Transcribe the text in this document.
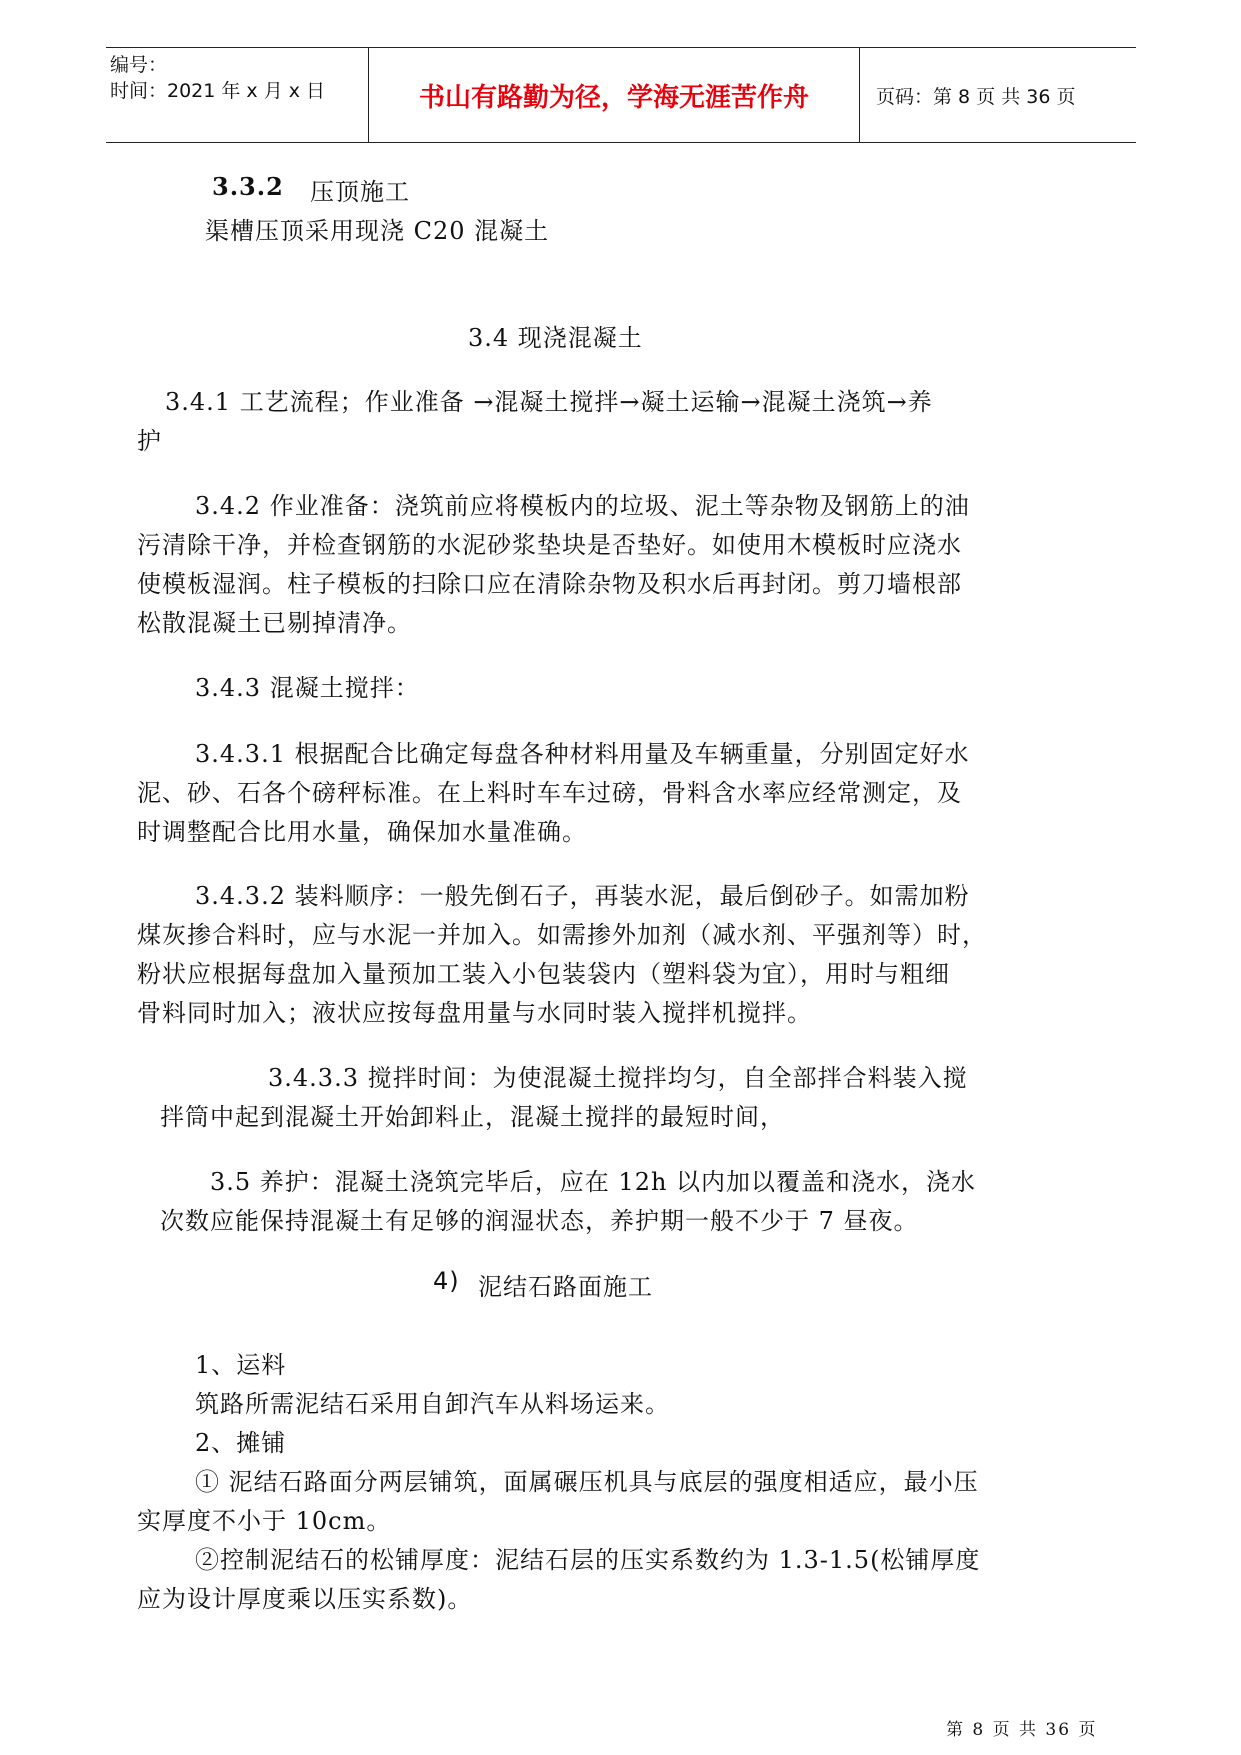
编号：
时间：2021 年 x 月 x 日	书山有路勤为径，学海无涯苦作舟	页码：第 8 页 共 36 页
3.3.2 压顶施工
渠槽压顶采用现浇 C20 混凝土
3.4 现浇混凝土
3.4.1 工艺流程；作业准备 →混凝土搅拌→凝土运输→混凝土浇筑→养
护
3.4.2 作业准备：浇筑前应将模板内的垃圾、泥土等杂物及钢筋上的油
污清除干净，并检查钢筋的水泥砂浆垫块是否垫好。如使用木模板时应浇水
使模板湿润。柱子模板的扫除口应在清除杂物及积水后再封闭。剪刀墙根部
松散混凝土已剔掉清净。
3.4.3 混凝土搅拌：
3.4.3.1 根据配合比确定每盘各种材料用量及车辆重量，分别固定好水
泥、砂、石各个磅秤标准。在上料时车车过磅，骨料含水率应经常测定，及
时调整配合比用水量，确保加水量准确。
3.4.3.2 装料顺序：一般先倒石子，再装水泥，最后倒砂子。如需加粉
煤灰掺合料时，应与水泥一并加入。如需掺外加剂（减水剂、平强剂等）时，
粉状应根据每盘加入量预加工装入小包装袋内（塑料袋为宜），用时与粗细
骨料同时加入；液状应按每盘用量与水同时装入搅拌机搅拌。
3.4.3.3 搅拌时间：为使混凝土搅拌均匀，自全部拌合料装入搅
拌筒中起到混凝土开始卸料止，混凝土搅拌的最短时间，
3.5 养护：混凝土浇筑完毕后，应在 12h 以内加以覆盖和浇水，浇水
次数应能保持混凝土有足够的润湿状态，养护期一般不少于 7 昼夜。
4) 泥结石路面施工
1、运料
筑路所需泥结石采用自卸汽车从料场运来。
2、摊铺
① 泥结石路面分两层铺筑，面属碾压机具与底层的强度相适应，最小压
实厚度不小于 10cm。
②控制泥结石的松铺厚度：泥结石层的压实系数约为 1.3-1.5(松铺厚度
应为设计厚度乘以压实系数)。
第 8 页 共 36 页
